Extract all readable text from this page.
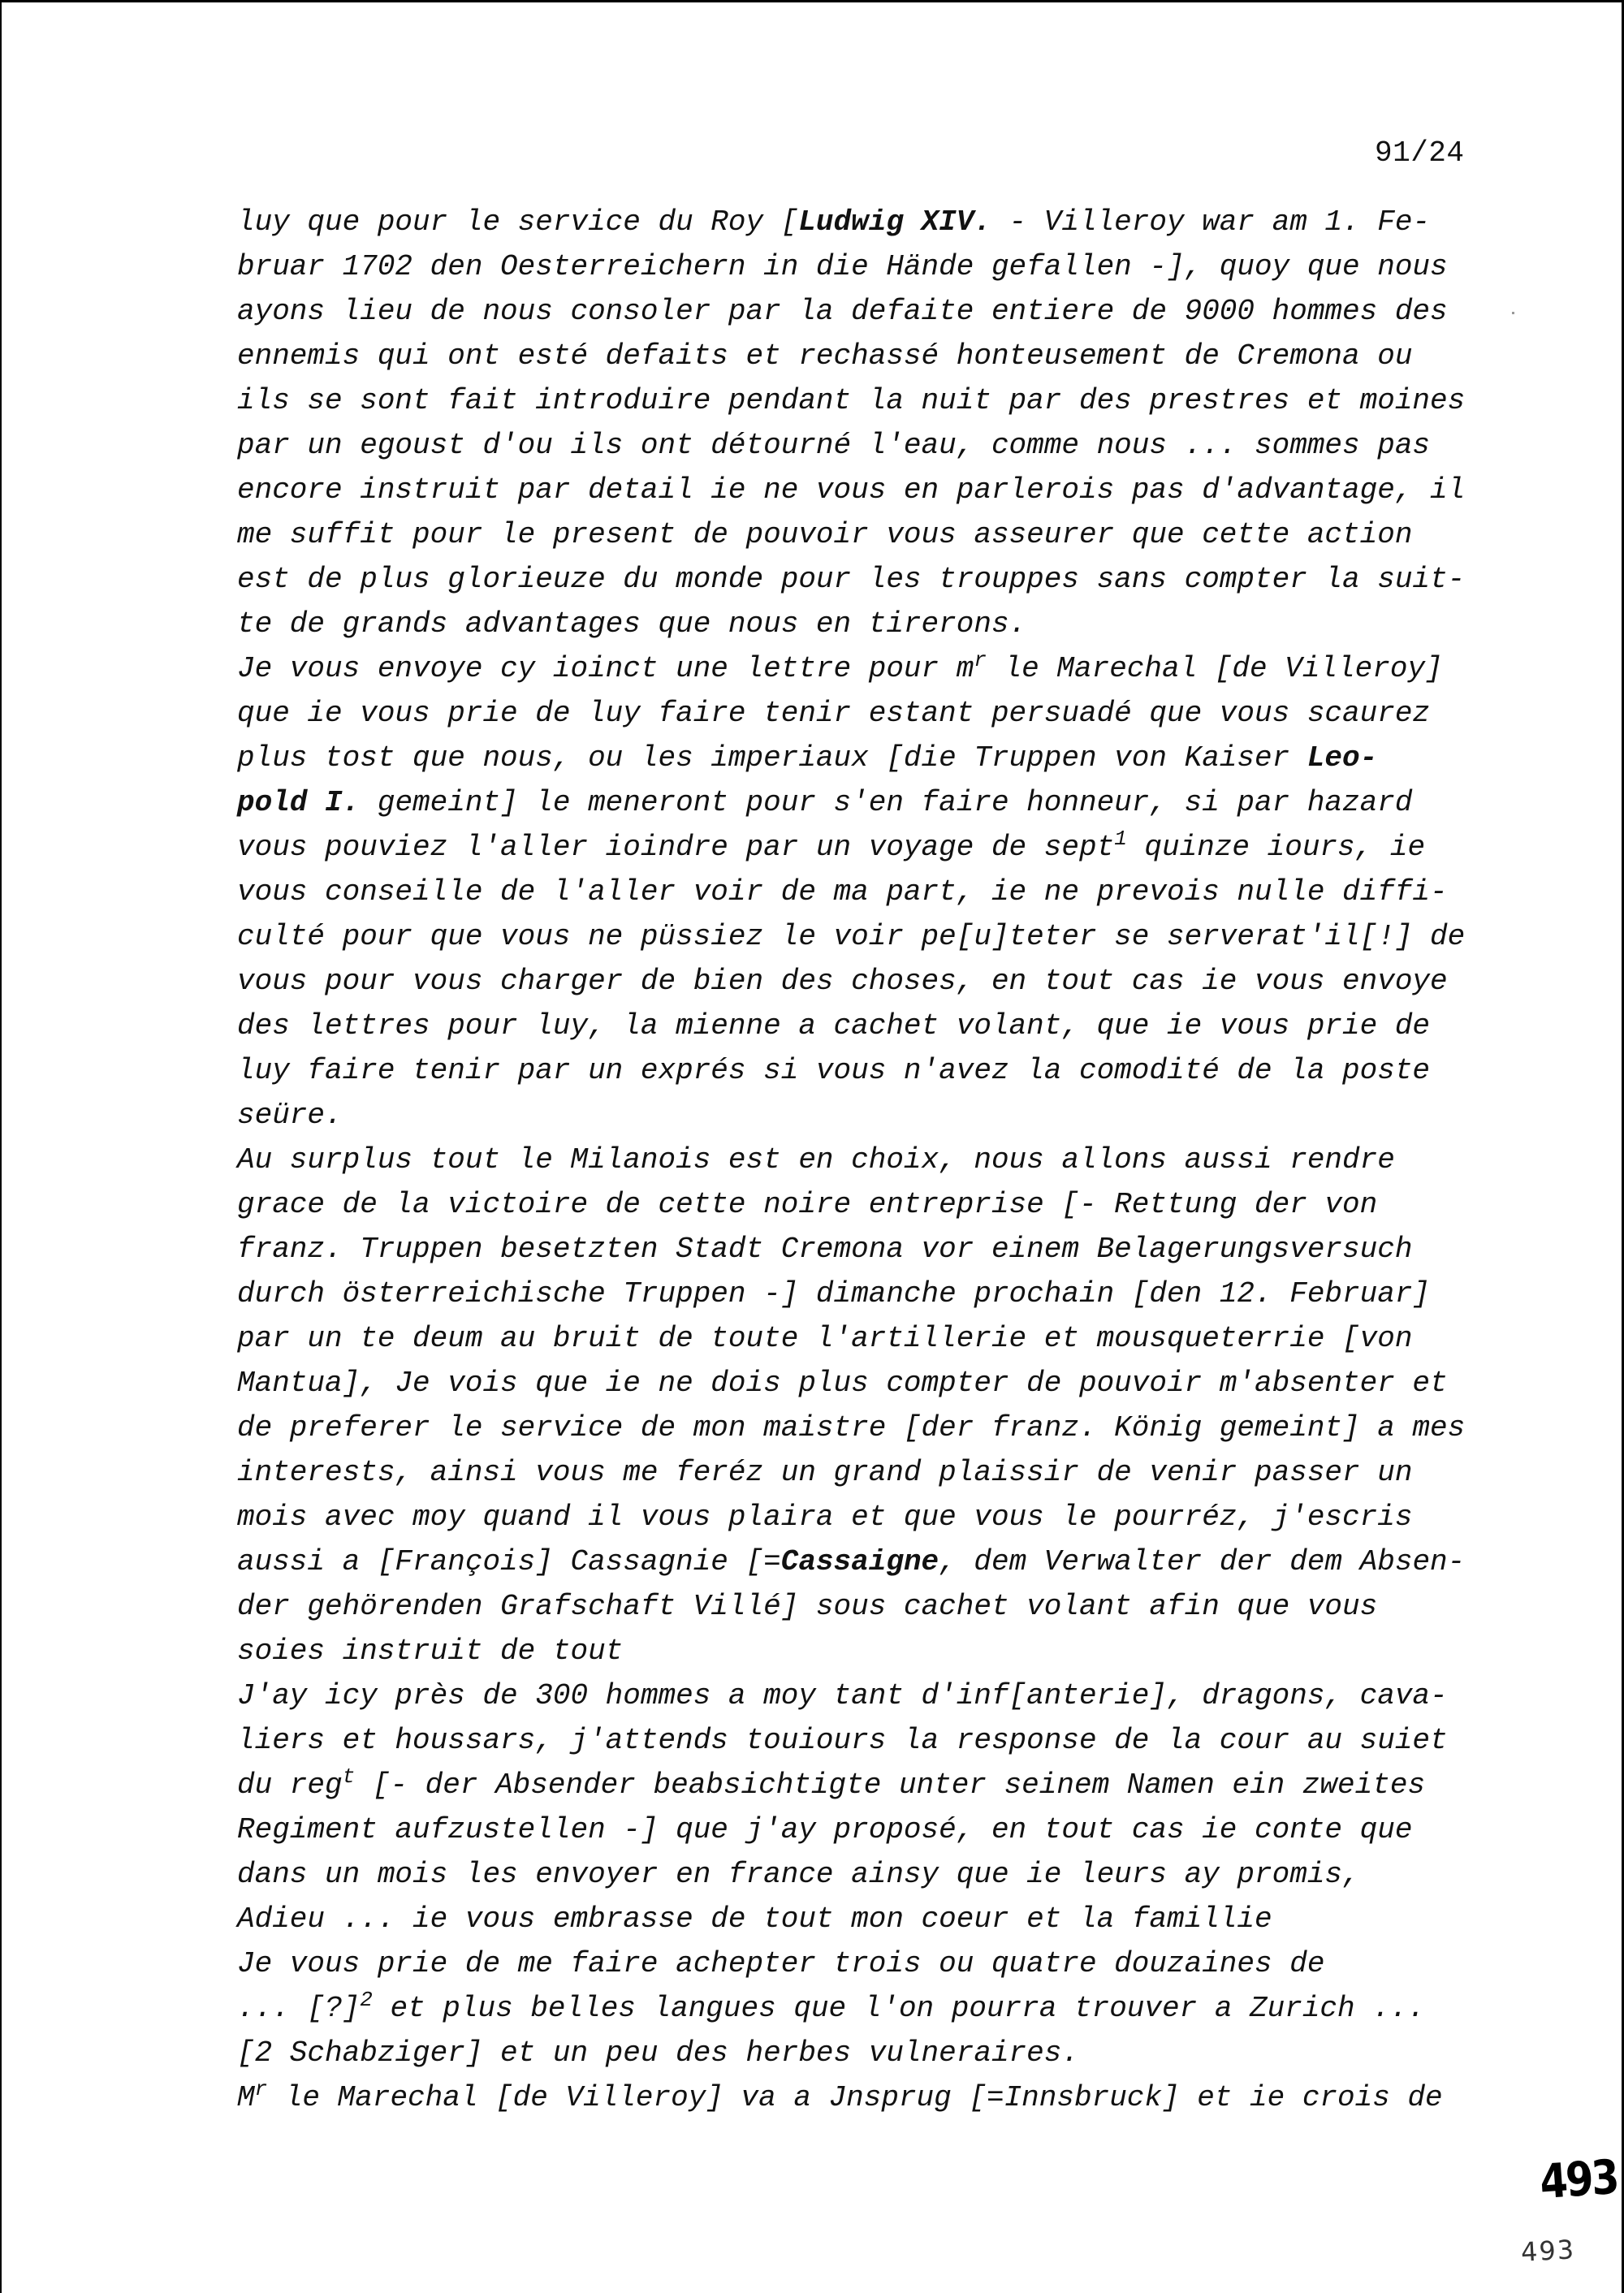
91/24
luy que pour le service du Roy [Ludwig XIV. - Villeroy war am 1. Fe-
bruar 1702 den Oesterreichern in die Hände gefallen -], quoy que nous
ayons lieu de nous consoler par la defaite entiere de 9000 hommes des
ennemis qui ont esté defaits et rechassé honteusement de Cremona ou
ils se sont fait introduire pendant la nuit par des prestres et moines
par un egoust d'ou ils ont détourné l'eau, comme nous ... sommes pas
encore instruit par detail ie ne vous en parlerois pas d'advantage, il
me suffit pour le present de pouvoir vous asseurer que cette action
est de plus glorieuze du monde pour les trouppes sans compter la suit-
te de grands advantages que nous en tirerons.
Je vous envoye cy ioinct une lettre pour $m^r$ le Marechal [de Villeroy]
que ie vous prie de luy faire tenir estant persuadé que vous scaurez
plus tost que nous, ou les imperiaux [die Truppen von Kaiser Leo-
pold I. gemeint] le meneront pour s'en faire honneur, si par hazard
vous pouviez l'aller ioindre par un voyage de sept$^1$ quinze iours, ie
vous conseille de l'aller voir de ma part, ie ne prevois nulle diffi-
culté pour que vous ne püssiez le voir pe[u]teter se serverat'il[!] de
vous pour vous charger de bien des choses, en tout cas ie vous envoye
des lettres pour luy, la mienne a cachet volant, que ie vous prie de
luy faire tenir par un exprés si vous n'avez la comodité de la poste
seüre.
Au surplus tout le Milanois est en choix, nous allons aussi rendre
grace de la victoire de cette noire entreprise [- Rettung der von
franz. Truppen besetzten Stadt Cremona vor einem Belagerungsversuch
durch österreichische Truppen -] dimanche prochain [den 12. Februar]
par un te deum au bruit de toute l'artillerie et mousqueterrie [von
Mantua], Je vois que ie ne dois plus compter de pouvoir m'absenter et
de preferer le service de mon maistre [der franz. König gemeint] a mes
interests, ainsi vous me feréz un grand plaissir de venir passer un
mois avec moy quand il vous plaira et que vous le pourréz, j'escris
aussi a [François] Cassagnie [=Cassaigne, dem Verwalter der dem Absen-
der gehörenden Grafschaft Villé] sous cachet volant afin que vous
soies instruit de tout
J'ay icy près de 300 hommes a moy tant d'inf[anterie], dragons, cava-
liers et houssars, j'attends touiours la response de la cour au suiet
du reg$^t$ [- der Absender beabsichtigte unter seinem Namen ein zweites
Regiment aufzustellen -] que j'ay proposé, en tout cas ie conte que
dans un mois les envoyer en france ainsy que ie leurs ay promis,
Adieu ... ie vous embrasse de tout mon coeur et la famillie
Je vous prie de me faire achepter trois ou quatre douzaines de
... [?]$^2$ et plus belles langues que l'on pourra trouver a Zurich ...
[2 Schabziger] et un peu des herbes vulneraires.
$M^r$ le Marechal [de Villeroy] va a Jnsprug [=Innsbruck] et ie crois de
493
493
